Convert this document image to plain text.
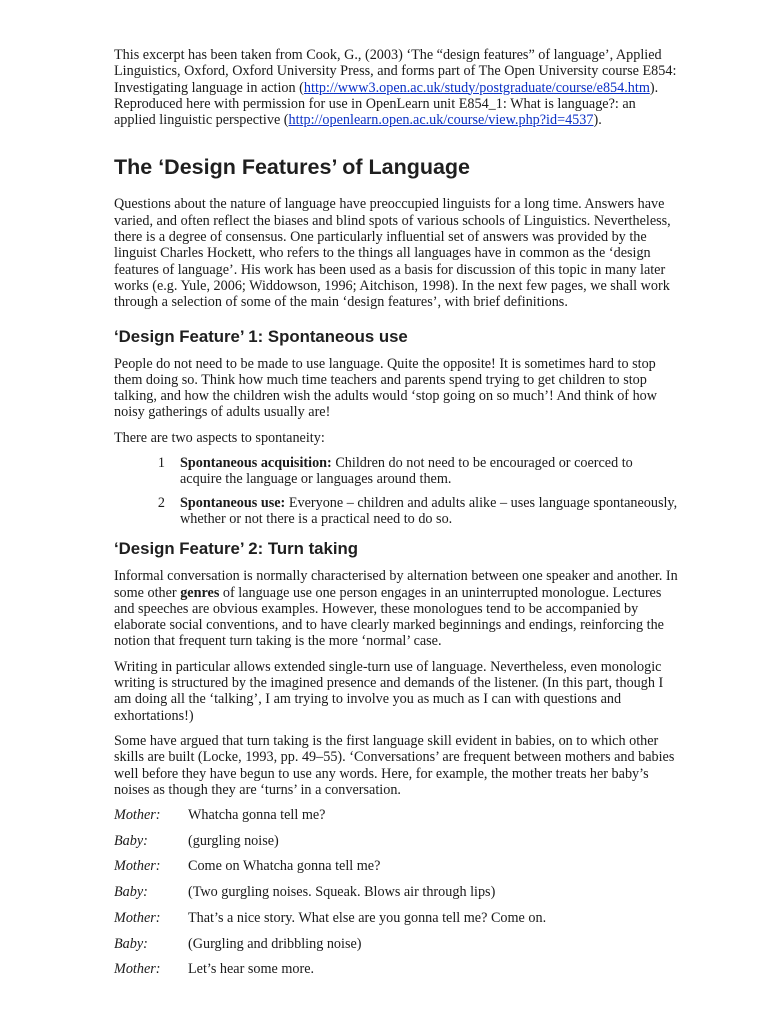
This excerpt has been taken from Cook, G., (2003) ‘The “design features” of language’, Applied Linguistics, Oxford, Oxford University Press, and forms part of The Open University course E854: Investigating language in action (http://www3.open.ac.uk/study/postgraduate/course/e854.htm). Reproduced here with permission for use in OpenLearn unit E854_1: What is language?: an applied linguistic perspective (http://openlearn.open.ac.uk/course/view.php?id=4537).

The ‘Design Features’ of Language

Questions about the nature of language have preoccupied linguists for a long time. Answers have varied, and often reflect the biases and blind spots of various schools of Linguistics. Nevertheless, there is a degree of consensus. One particularly influential set of answers was provided by the linguist Charles Hockett, who refers to the things all languages have in common as the ‘design features of language’. His work has been used as a basis for discussion of this topic in many later works (e.g. Yule, 2006; Widdowson, 1996; Aitchison, 1998). In the next few pages, we shall work through a selection of some of the main ‘design features’, with brief definitions.

‘Design Feature’ 1: Spontaneous use

People do not need to be made to use language. Quite the opposite! It is sometimes hard to stop them doing so. Think how much time teachers and parents spend trying to get children to stop talking, and how the children wish the adults would ‘stop going on so much’! And think of how noisy gatherings of adults usually are!

There are two aspects to spontaneity:

1	Spontaneous acquisition: Children do not need to be encouraged or coerced to acquire the language or languages around them.
2	Spontaneous use: Everyone – children and adults alike – uses language spontaneously, whether or not there is a practical need to do so.
‘Design Feature’ 2: Turn taking

Informal conversation is normally characterised by alternation between one speaker and another. In some other genres of language use one person engages in an uninterrupted monologue. Lectures and speeches are obvious examples. However, these monologues tend to be accompanied by elaborate social conventions, and to have clearly marked beginnings and endings, reinforcing the notion that frequent turn taking is the more ‘normal’ case.

Writing in particular allows extended single-turn use of language. Nevertheless, even monologic writing is structured by the imagined presence and demands of the listener. (In this part, though I am doing all the ‘talking’, I am trying to involve you as much as I can with questions and exhortations!)

Some have argued that turn taking is the first language skill evident in babies, on to which other skills are built (Locke, 1993, pp. 49–55). ‘Conversations’ are frequent between mothers and babies well before they have begun to use any words. Here, for example, the mother treats her baby’s noises as though they are ‘turns’ in a conversation.

Mother:	Whatcha gonna tell me?
Baby:	(gurgling noise)
Mother:	Come on Whatcha gonna tell me?
Baby:	(Two gurgling noises. Squeak. Blows air through lips)
Mother:	That’s a nice story. What else are you gonna tell me? Come on.
Baby:	(Gurgling and dribbling noise)
Mother:	Let’s hear some more.
